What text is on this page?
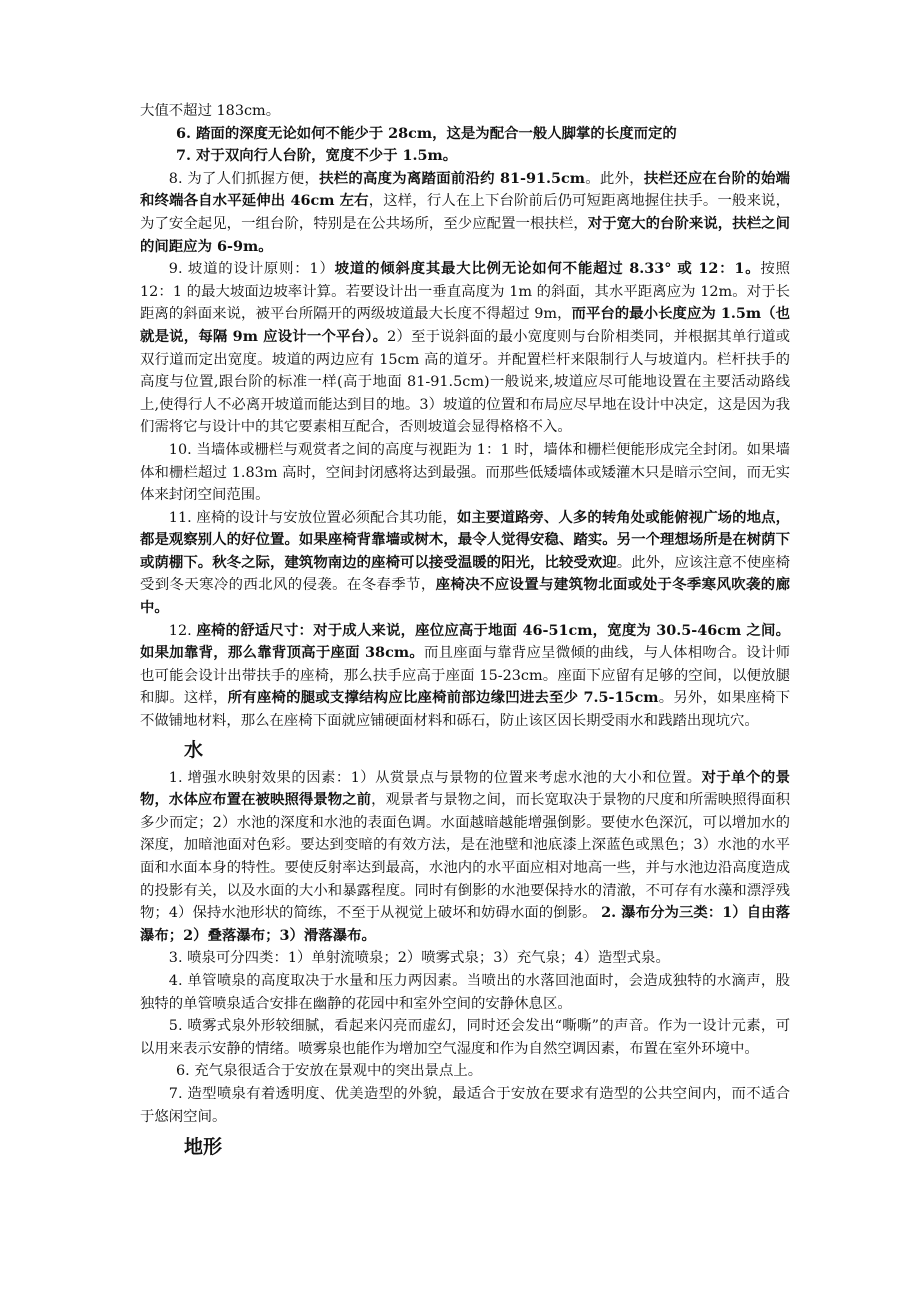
大值不超过 183cm。

6. 踏面的深度无论如何不能少于 28cm，这是为配合一般人脚掌的长度而定的

7. 对于双向行人台阶，宽度不少于 1.5m。

8. 为了人们抓握方便，扶栏的高度为离踏面前沿约 81-91.5cm。此外，扶栏还应在台阶的始端和终端各自水平延伸出 46cm 左右，这样，行人在上下台阶前后仍可短距离地握住扶手。一般来说，为了安全起见，一组台阶，特别是在公共场所，至少应配置一根扶栏，对于宽大的台阶来说，扶栏之间的间距应为 6-9m。

9. 坡道的设计原则：1）坡道的倾斜度其最大比例无论如何不能超过 8.33° 或 12：1。按照 12：1 的最大坡面边坡率计算。若要设计出一垂直高度为 1m 的斜面，其水平距离应为 12m。对于长距离的斜面来说，被平台所隔开的两级坡道最大长度不得超过 9m，而平台的最小长度应为 1.5m（也就是说，每隔 9m 应设计一个平台）。2）至于说斜面的最小宽度则与台阶相类同，并根据其单行道或双行道而定出宽度。坡道的两边应有 15cm 高的道牙。并配置栏杆来限制行人与坡道内。栏杆扶手的高度与位置,跟台阶的标准一样(高于地面 81-91.5cm)一般说来,坡道应尽可能地设置在主要活动路线上,使得行人不必离开坡道而能达到目的地。3）坡道的位置和布局应尽早地在设计中决定，这是因为我们需将它与设计中的其它要素相互配合，否则坡道会显得格格不入。

10. 当墙体或栅栏与观赏者之间的高度与视距为 1：1 时，墙体和栅栏便能形成完全封闭。如果墙体和栅栏超过 1.83m 高时，空间封闭感将达到最强。而那些低矮墙体或矮灌木只是暗示空间，而无实体来封闭空间范围。

11. 座椅的设计与安放位置必须配合其功能，如主要道路旁、人多的转角处或能俯视广场的地点，都是观察别人的好位置。如果座椅背靠墙或树木，最令人觉得安稳、踏实。另一个理想场所是在树荫下或荫棚下。秋冬之际，建筑物南边的座椅可以接受温暖的阳光，比较受欢迎。此外，应该注意不使座椅受到冬天寒冷的西北风的侵袭。在冬春季节，座椅决不应设置与建筑物北面或处于冬季寒风吹袭的廊中。

12. 座椅的舒适尺寸：对于成人来说，座位应高于地面 46-51cm，宽度为 30.5-46cm 之间。如果加靠背，那么靠背顶高于座面 38cm。而且座面与靠背应呈微倾的曲线，与人体相吻合。设计师也可能会设计出带扶手的座椅，那么扶手应高于座面 15-23cm。座面下应留有足够的空间，以便放腿和脚。这样，所有座椅的腿或支撑结构应比座椅前部边缘凹进去至少 7.5-15cm。另外，如果座椅下不做铺地材料，那么在座椅下面就应铺硬面材料和砾石，防止该区因长期受雨水和践踏出现坑穴。

水

1. 增强水映射效果的因素：1）从赏景点与景物的位置来考虑水池的大小和位置。对于单个的景物，水体应布置在被映照得景物之前，观景者与景物之间，而长宽取决于景物的尺度和所需映照得面积多少而定；2）水池的深度和水池的表面色调。水面越暗越能增强倒影。要使水色深沉，可以增加水的深度，加暗池面对色彩。要达到变暗的有效方法，是在池壁和池底漆上深蓝色或黑色；3）水池的水平面和水面本身的特性。要使反射率达到最高，水池内的水平面应相对地高一些，并与水池边沿高度造成的投影有关，以及水面的大小和暴露程度。同时有倒影的水池要保持水的清澈，不可存有水藻和漂浮残物；4）保持水池形状的简练，不至于从视觉上破坏和妨碍水面的倒影。 2. 瀑布分为三类：1）自由落瀑布；2）叠落瀑布；3）滑落瀑布。

3. 喷泉可分四类：1）单射流喷泉；2）喷雾式泉；3）充气泉；4）造型式泉。

4. 单管喷泉的高度取决于水量和压力两因素。当喷出的水落回池面时，会造成独特的水滴声，股独特的单管喷泉适合安排在幽静的花园中和室外空间的安静休息区。

5. 喷雾式泉外形较细腻，看起来闪亮而虚幻，同时还会发出“嘶嘶”的声音。作为一设计元素，可以用来表示安静的情绪。喷雾泉也能作为增加空气湿度和作为自然空调因素，布置在室外环境中。

6. 充气泉很适合于安放在景观中的突出景点上。

7. 造型喷泉有着透明度、优美造型的外貌，最适合于安放在要求有造型的公共空间内，而不适合于悠闲空间。

地形
